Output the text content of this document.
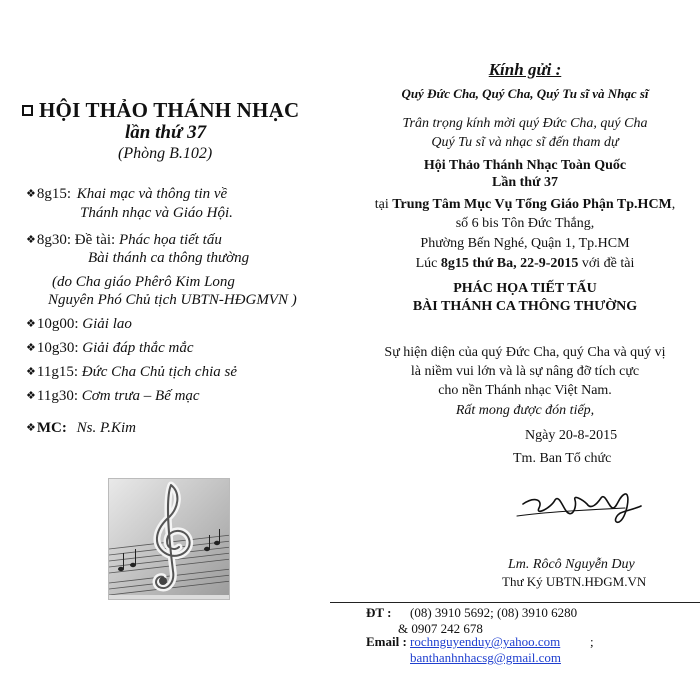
HỘI THẢO THÁNH NHẠC
lần thứ 37
(Phòng B.102)
❖8g15: Khai mạc và thông tin về
Thánh nhạc và Giáo Hội.
❖8g30: Đề tài: Phác họa tiết tấu
Bài thánh ca thông thường
(do Cha giáo Phêrô Kim Long
Nguyên Phó Chủ tịch UBTN-HĐGMVN )
❖10g00: Giải lao
❖10g30: Giải đáp thắc mắc
❖11g15: Đức Cha Chủ tịch chia sẻ
❖11g30: Cơm trưa – Bế mạc
❖MC: Ns. P.Kim
Kính gửi :
Quý Đức Cha, Quý Cha, Quý Tu sĩ và Nhạc sĩ
Trân trọng kính mời quý Đức Cha, quý Cha
Quý Tu sĩ và nhạc sĩ đến tham dự
Hội Thảo Thánh Nhạc Toàn Quốc
Lần thứ 37
tại Trung Tâm Mục Vụ Tổng Giáo Phận Tp.HCM,
số 6 bis Tôn Đức Thắng,
Phường Bến Nghé, Quận 1, Tp.HCM
Lúc 8g15 thứ Ba, 22-9-2015 với đề tài
PHÁC HỌA TIẾT TẤU
BÀI THÁNH CA THÔNG THƯỜNG
Sự hiện diện của quý Đức Cha, quý Cha và quý vị
là niềm vui lớn và là sự nâng đỡ tích cực
cho nền Thánh nhạc Việt Nam.
Rất mong được đón tiếp,
Ngày 20-8-2015
Tm. Ban Tổ chức
Lm. Rôcô Nguyễn Duy
Thư Ký UBTN.HĐGM.VN
ĐT : (08) 3910 5692; (08) 3910 6280
& 0907 242 678
Email : rochnguyenduy@yahoo.com ;
banthanhnhacsg@gmail.com
